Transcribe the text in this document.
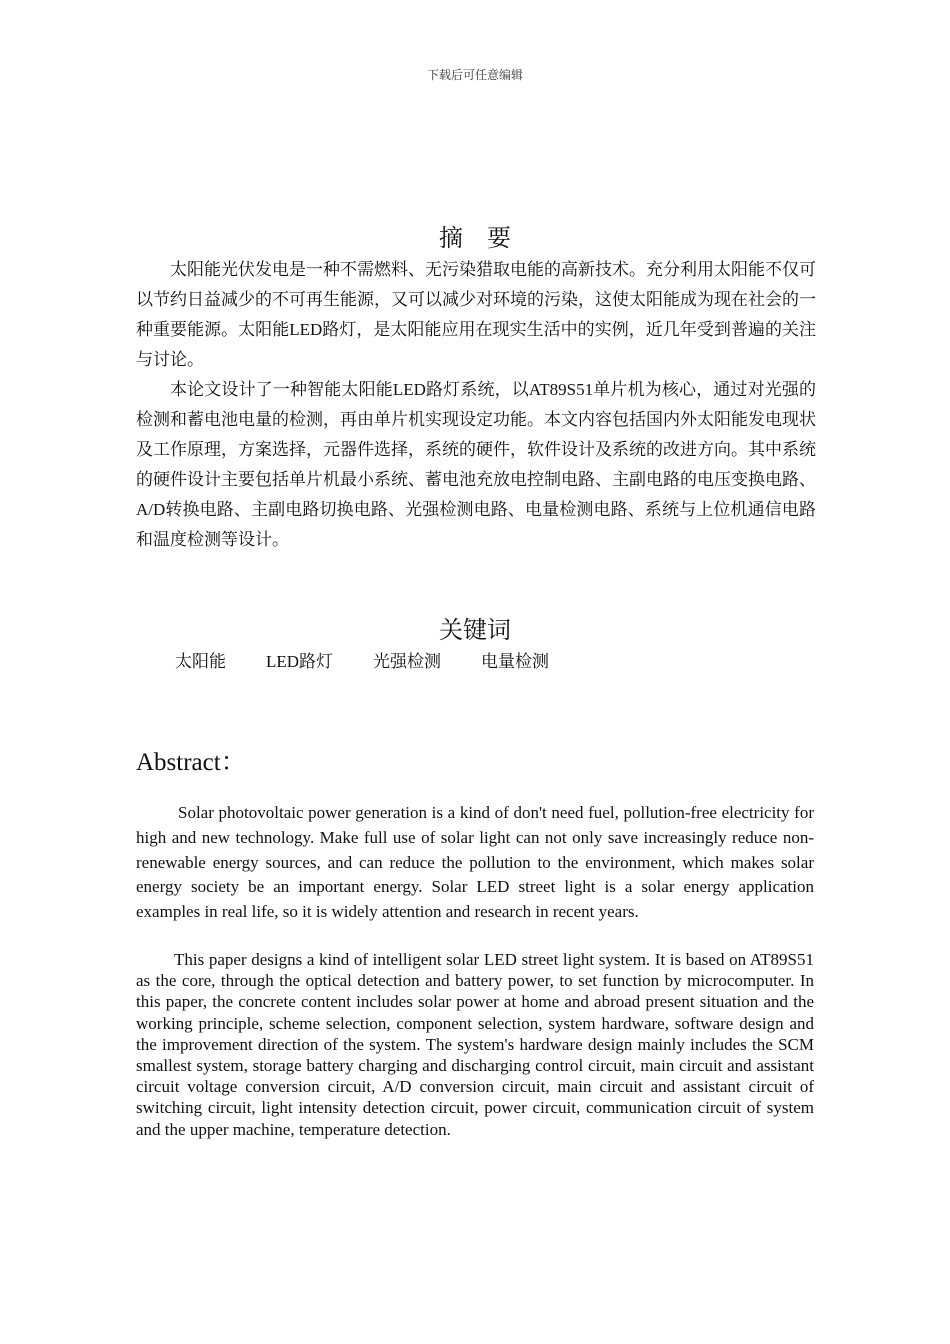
下载后可任意编辑
摘 要

太阳能光伏发电是一种不需燃料、无污染猎取电能的高新技术。充分利用太阳能不仅可以节约日益减少的不可再生能源，又可以减少对环境的污染，这使太阳能成为现在社会的一种重要能源。太阳能LED路灯，是太阳能应用在现实生活中的实例，近几年受到普遍的关注与讨论。

本论文设计了一种智能太阳能LED路灯系统，以AT89S51单片机为核心，通过对光强的检测和蓄电池电量的检测，再由单片机实现设定功能。本文内容包括国内外太阳能发电现状及工作原理，方案选择，元器件选择，系统的硬件，软件设计及系统的改进方向。其中系统的硬件设计主要包括单片机最小系统、蓄电池充放电控制电路、主副电路的电压变换电路、A/D转换电路、主副电路切换电路、光强检测电路、电量检测电路、系统与上位机通信电路和温度检测等设计。

关键词
太阳能 LED路灯 光强检测 电量检测
Abstract：

Solar photovoltaic power generation is a kind of don't need fuel, pollution-free electricity for high and new technology. Make full use of solar light can not only save increasingly reduce non-renewable energy sources, and can reduce the pollution to the environment, which makes solar energy society be an important energy. Solar LED street light is a solar energy application examples in real life, so it is widely attention and research in recent years.

This paper designs a kind of intelligent solar LED street light system. It is based on AT89S51 as the core, through the optical detection and battery power, to set function by microcomputer. In this paper, the concrete content includes solar power at home and abroad present situation and the working principle, scheme selection, component selection, system hardware, software design and the improvement direction of the system. The system's hardware design mainly includes the SCM smallest system, storage battery charging and discharging control circuit, main circuit and assistant circuit voltage conversion circuit, A/D conversion circuit, main circuit and assistant circuit of switching circuit, light intensity detection circuit, power circuit, communication circuit of system and the upper machine, temperature detection.
